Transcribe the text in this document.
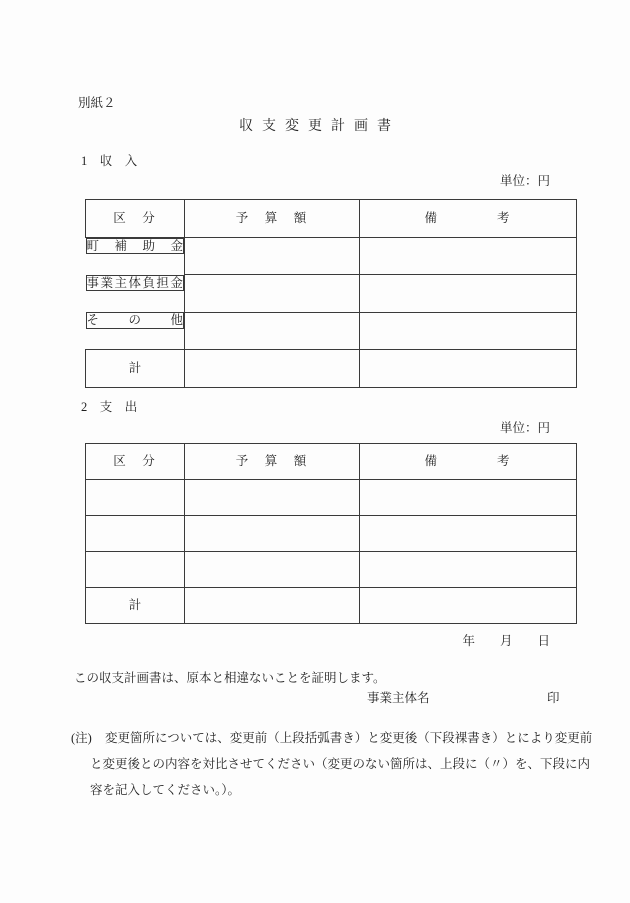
別紙２
収支変更計画書
1　収　入
単位：円
区　分	予　算　額	備　　　　考

町 補 助 金

事 業 主 体 負 担 金

そ の 他

計		
2　支　出
単位：円
区　分	予　算　額	備　　　　考

計		
年　　月　　日
この収支計画書は、原本と相違ないことを証明します。
事業主体名	印
(注) 変更箇所については、変更前（上段括弧書き）と変更後（下段裸書き）とにより変更前
と変更後との内容を対比させてください（変更のない箇所は、上段に（〃）を、下段に内
容を記入してください。）。
